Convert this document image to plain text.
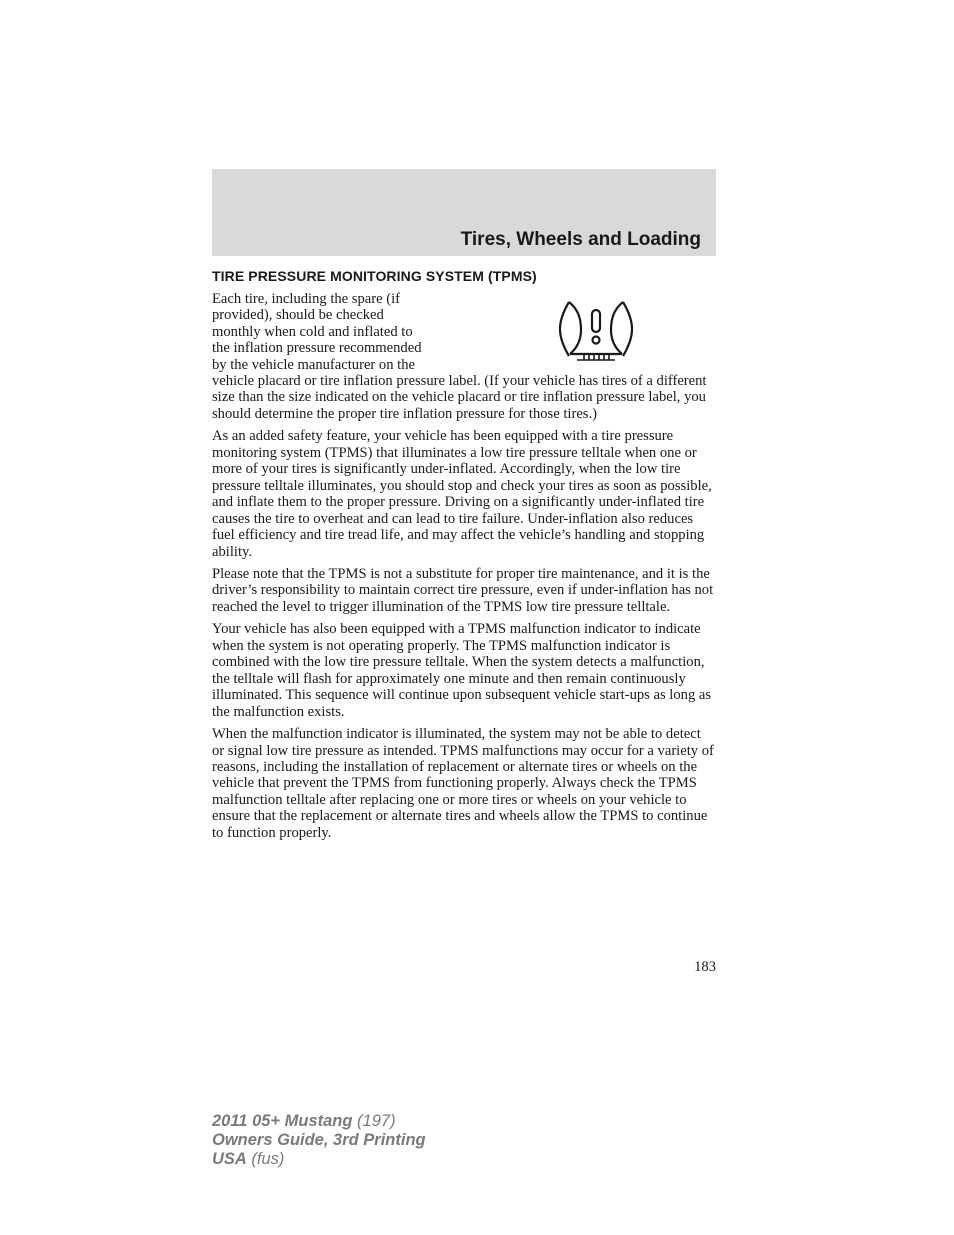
Tires, Wheels and Loading
TIRE PRESSURE MONITORING SYSTEM (TPMS)
Each tire, including the spare (if
provided), should be checked
monthly when cold and inflated to
the inflation pressure recommended
by the vehicle manufacturer on the
vehicle placard or tire inflation pressure label. (If your vehicle has tires of a different size than the size indicated on the vehicle placard or tire inflation pressure label, you should determine the proper tire inflation pressure for those tires.)

As an added safety feature, your vehicle has been equipped with a tire pressure monitoring system (TPMS) that illuminates a low tire pressure telltale when one or more of your tires is significantly under-inflated. Accordingly, when the low tire pressure telltale illuminates, you should stop and check your tires as soon as possible, and inflate them to the proper pressure. Driving on a significantly under-inflated tire causes the tire to overheat and can lead to tire failure. Under-inflation also reduces fuel efficiency and tire tread life, and may affect the vehicle’s handling and stopping ability.

Please note that the TPMS is not a substitute for proper tire maintenance, and it is the driver’s responsibility to maintain correct tire pressure, even if under-inflation has not reached the level to trigger illumination of the TPMS low tire pressure telltale.

Your vehicle has also been equipped with a TPMS malfunction indicator to indicate when the system is not operating properly. The TPMS malfunction indicator is combined with the low tire pressure telltale. When the system detects a malfunction, the telltale will flash for approximately one minute and then remain continuously illuminated. This sequence will continue upon subsequent vehicle start-ups as long as the malfunction exists.

When the malfunction indicator is illuminated, the system may not be able to detect or signal low tire pressure as intended. TPMS malfunctions may occur for a variety of reasons, including the installation of replacement or alternate tires or wheels on the vehicle that prevent the TPMS from functioning properly. Always check the TPMS malfunction telltale after replacing one or more tires or wheels on your vehicle to ensure that the replacement or alternate tires and wheels allow the TPMS to continue to function properly.

183
2011 05+ Mustang (197)
Owners Guide, 3rd Printing
USA (fus)
